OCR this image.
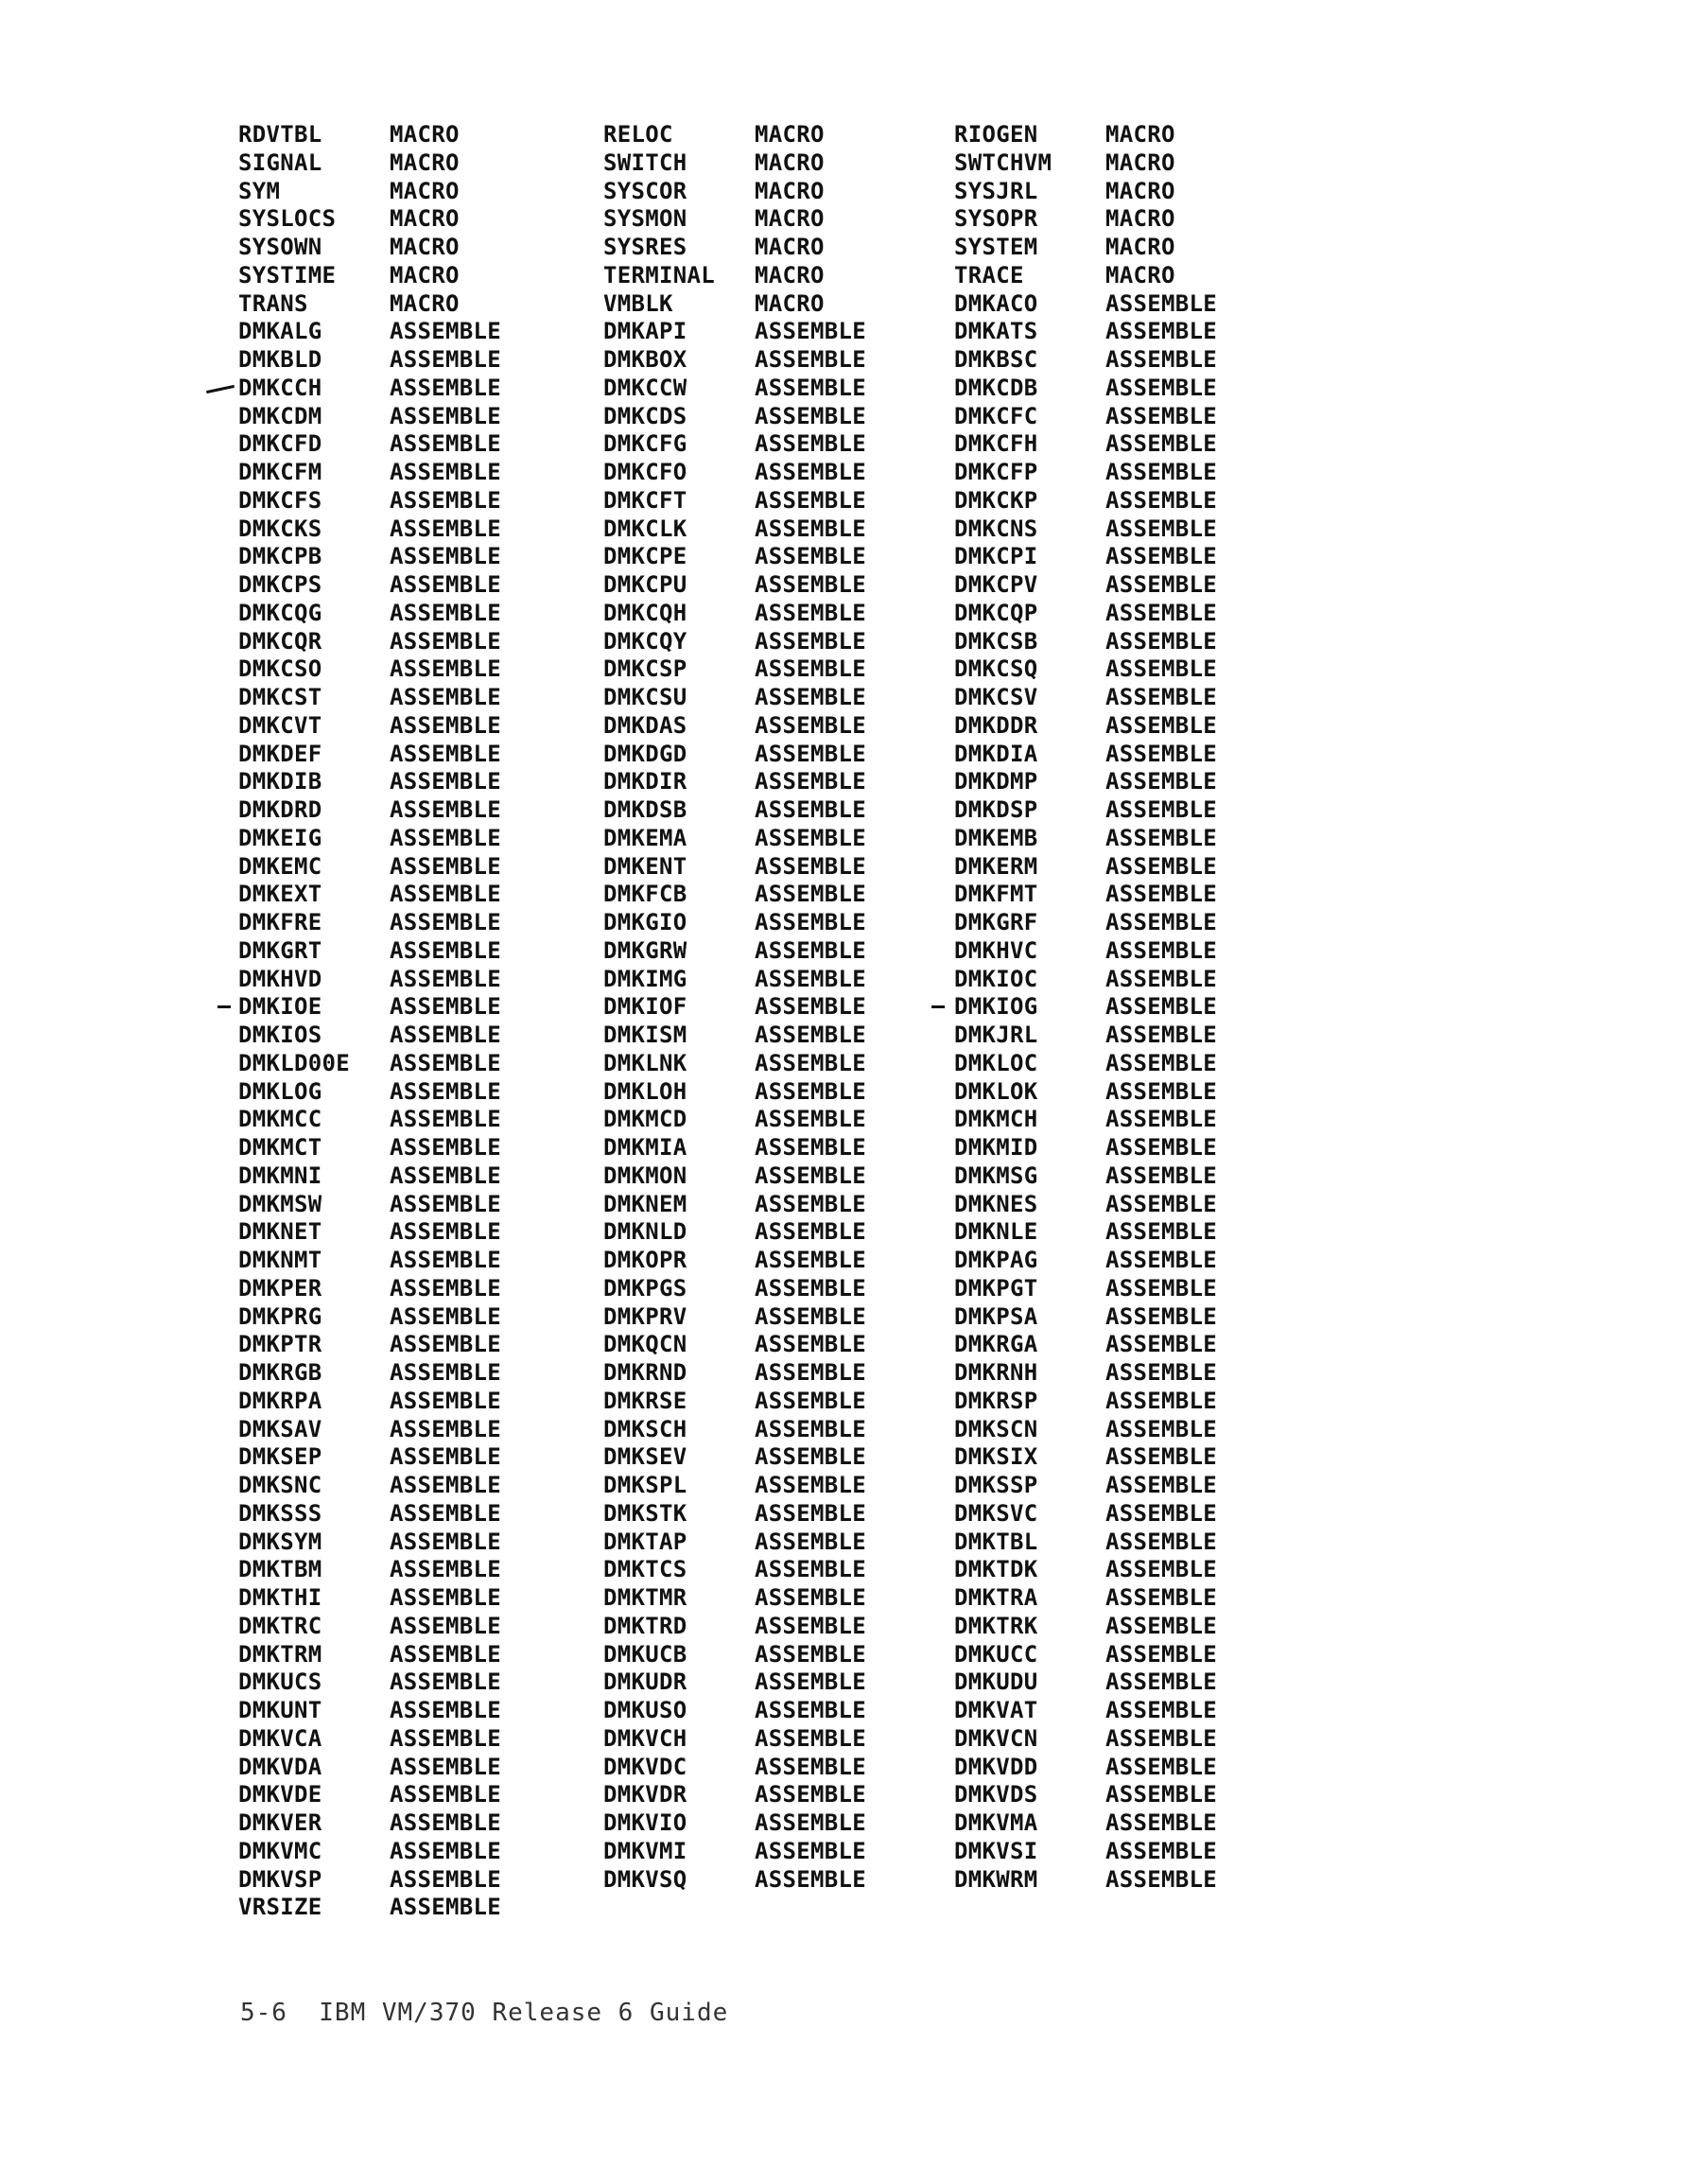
RDVTBL	MACRO	RELOC	MACRO	RIOGEN	MACRO
SIGNAL	MACRO	SWITCH	MACRO	SWTCHVM	MACRO
SYM	MACRO	SYSCOR	MACRO	SYSJRL	MACRO
SYSLOCS	MACRO	SYSMON	MACRO	SYSOPR	MACRO
SYSOWN	MACRO	SYSRES	MACRO	SYSTEM	MACRO
SYSTIME	MACRO	TERMINAL	MACRO	TRACE	MACRO
TRANS	MACRO	VMBLK	MACRO	DMKACO	ASSEMBLE
DMKALG	ASSEMBLE	DMKAPI	ASSEMBLE	DMKATS	ASSEMBLE
DMKBLD	ASSEMBLE	DMKBOX	ASSEMBLE	DMKBSC	ASSEMBLE
DMKCCH	ASSEMBLE	DMKCCW	ASSEMBLE	DMKCDB	ASSEMBLE
DMKCDM	ASSEMBLE	DMKCDS	ASSEMBLE	DMKCFC	ASSEMBLE
DMKCFD	ASSEMBLE	DMKCFG	ASSEMBLE	DMKCFH	ASSEMBLE
DMKCFM	ASSEMBLE	DMKCFO	ASSEMBLE	DMKCFP	ASSEMBLE
DMKCFS	ASSEMBLE	DMKCFT	ASSEMBLE	DMKCKP	ASSEMBLE
DMKCKS	ASSEMBLE	DMKCLK	ASSEMBLE	DMKCNS	ASSEMBLE
DMKCPB	ASSEMBLE	DMKCPE	ASSEMBLE	DMKCPI	ASSEMBLE
DMKCPS	ASSEMBLE	DMKCPU	ASSEMBLE	DMKCPV	ASSEMBLE
DMKCQG	ASSEMBLE	DMKCQH	ASSEMBLE	DMKCQP	ASSEMBLE
DMKCQR	ASSEMBLE	DMKCQY	ASSEMBLE	DMKCSB	ASSEMBLE
DMKCSO	ASSEMBLE	DMKCSP	ASSEMBLE	DMKCSQ	ASSEMBLE
DMKCST	ASSEMBLE	DMKCSU	ASSEMBLE	DMKCSV	ASSEMBLE
DMKCVT	ASSEMBLE	DMKDAS	ASSEMBLE	DMKDDR	ASSEMBLE
DMKDEF	ASSEMBLE	DMKDGD	ASSEMBLE	DMKDIA	ASSEMBLE
DMKDIB	ASSEMBLE	DMKDIR	ASSEMBLE	DMKDMP	ASSEMBLE
DMKDRD	ASSEMBLE	DMKDSB	ASSEMBLE	DMKDSP	ASSEMBLE
DMKEIG	ASSEMBLE	DMKEMA	ASSEMBLE	DMKEMB	ASSEMBLE
DMKEMC	ASSEMBLE	DMKENT	ASSEMBLE	DMKERM	ASSEMBLE
DMKEXT	ASSEMBLE	DMKFCB	ASSEMBLE	DMKFMT	ASSEMBLE
DMKFRE	ASSEMBLE	DMKGIO	ASSEMBLE	DMKGRF	ASSEMBLE
DMKGRT	ASSEMBLE	DMKGRW	ASSEMBLE	DMKHVC	ASSEMBLE
DMKHVD	ASSEMBLE	DMKIMG	ASSEMBLE	DMKIOC	ASSEMBLE
DMKIOE	ASSEMBLE	DMKIOF	ASSEMBLE	DMKIOG	ASSEMBLE
DMKIOS	ASSEMBLE	DMKISM	ASSEMBLE	DMKJRL	ASSEMBLE
DMKLD00E	ASSEMBLE	DMKLNK	ASSEMBLE	DMKLOC	ASSEMBLE
DMKLOG	ASSEMBLE	DMKLOH	ASSEMBLE	DMKLOK	ASSEMBLE
DMKMCC	ASSEMBLE	DMKMCD	ASSEMBLE	DMKMCH	ASSEMBLE
DMKMCT	ASSEMBLE	DMKMIA	ASSEMBLE	DMKMID	ASSEMBLE
DMKMNI	ASSEMBLE	DMKMON	ASSEMBLE	DMKMSG	ASSEMBLE
DMKMSW	ASSEMBLE	DMKNEM	ASSEMBLE	DMKNES	ASSEMBLE
DMKNET	ASSEMBLE	DMKNLD	ASSEMBLE	DMKNLE	ASSEMBLE
DMKNMT	ASSEMBLE	DMKOPR	ASSEMBLE	DMKPAG	ASSEMBLE
DMKPER	ASSEMBLE	DMKPGS	ASSEMBLE	DMKPGT	ASSEMBLE
DMKPRG	ASSEMBLE	DMKPRV	ASSEMBLE	DMKPSA	ASSEMBLE
DMKPTR	ASSEMBLE	DMKQCN	ASSEMBLE	DMKRGA	ASSEMBLE
DMKRGB	ASSEMBLE	DMKRND	ASSEMBLE	DMKRNH	ASSEMBLE
DMKRPA	ASSEMBLE	DMKRSE	ASSEMBLE	DMKRSP	ASSEMBLE
DMKSAV	ASSEMBLE	DMKSCH	ASSEMBLE	DMKSCN	ASSEMBLE
DMKSEP	ASSEMBLE	DMKSEV	ASSEMBLE	DMKSIX	ASSEMBLE
DMKSNC	ASSEMBLE	DMKSPL	ASSEMBLE	DMKSSP	ASSEMBLE
DMKSSS	ASSEMBLE	DMKSTK	ASSEMBLE	DMKSVC	ASSEMBLE
DMKSYM	ASSEMBLE	DMKTAP	ASSEMBLE	DMKTBL	ASSEMBLE
DMKTBM	ASSEMBLE	DMKTCS	ASSEMBLE	DMKTDK	ASSEMBLE
DMKTHI	ASSEMBLE	DMKTMR	ASSEMBLE	DMKTRA	ASSEMBLE
DMKTRC	ASSEMBLE	DMKTRD	ASSEMBLE	DMKTRK	ASSEMBLE
DMKTRM	ASSEMBLE	DMKUCB	ASSEMBLE	DMKUCC	ASSEMBLE
DMKUCS	ASSEMBLE	DMKUDR	ASSEMBLE	DMKUDU	ASSEMBLE
DMKUNT	ASSEMBLE	DMKUSO	ASSEMBLE	DMKVAT	ASSEMBLE
DMKVCA	ASSEMBLE	DMKVCH	ASSEMBLE	DMKVCN	ASSEMBLE
DMKVDA	ASSEMBLE	DMKVDC	ASSEMBLE	DMKVDD	ASSEMBLE
DMKVDE	ASSEMBLE	DMKVDR	ASSEMBLE	DMKVDS	ASSEMBLE
DMKVER	ASSEMBLE	DMKVIO	ASSEMBLE	DMKVMA	ASSEMBLE
DMKVMC	ASSEMBLE	DMKVMI	ASSEMBLE	DMKVSI	ASSEMBLE
DMKVSP	ASSEMBLE	DMKVSQ	ASSEMBLE	DMKWRM	ASSEMBLE
VRSIZE	ASSEMBLE
5-6  IBM VM/370 Release 6 Guide
